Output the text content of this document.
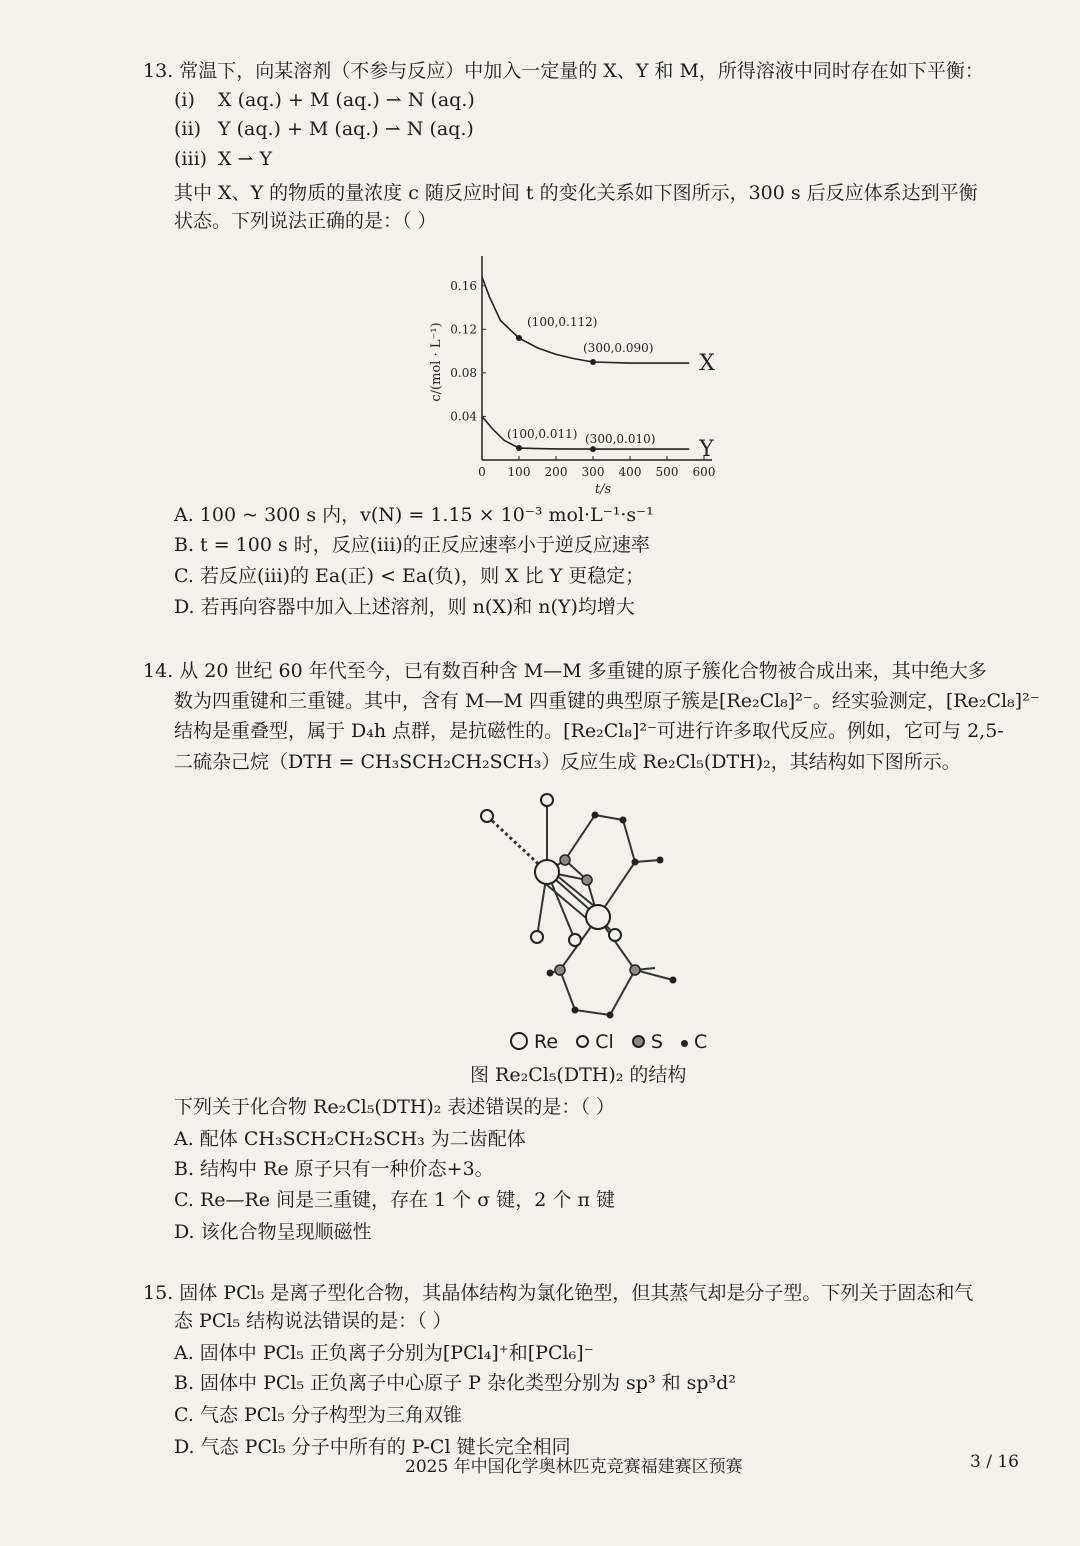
13. 常温下，向某溶剂（不参与反应）中加入一定量的 X、Y 和 M，所得溶液中同时存在如下平衡：
(i) X (aq.) + M (aq.) ⇀ N (aq.)
(ii) Y (aq.) + M (aq.) ⇀ N (aq.)
(iii) X ⇀ Y
其中 X、Y 的物质的量浓度 c 随反应时间 t 的变化关系如下图所示，300 s 后反应体系达到平衡
状态。下列说法正确的是：（ ）
0 100 200 300 400 500 600
0.04
0.08
0.12
0.16
t/s
c/(mol · L⁻¹)	X
Y
(100,0.112)
(300,0.090)
(100,0.011) (300,0.010)
A. 100 ~ 300 s 内，v(N) = 1.15 × 10⁻³ mol·L⁻¹·s⁻¹
B. t = 100 s 时，反应(iii)的正反应速率小于逆反应速率
C. 若反应(iii)的 Ea(正) < Ea(负)，则 X 比 Y 更稳定；
D. 若再向容器中加入上述溶剂，则 n(X)和 n(Y)均增大
14. 从 20 世纪 60 年代至今，已有数百种含 M—M 多重键的原子簇化合物被合成出来，其中绝大多
数为四重键和三重键。其中，含有 M—M 四重键的典型原子簇是[Re₂Cl₈]²⁻。经实验测定，[Re₂Cl₈]²⁻
结构是重叠型，属于 D₄h 点群，是抗磁性的。[Re₂Cl₈]²⁻可进行许多取代反应。例如，它可与 2,5-
二硫杂己烷（DTH = CH₃SCH₂CH₂SCH₃）反应生成 Re₂Cl₅(DTH)₂，其结构如下图所示。
Re Cl S C
图 Re₂Cl₅(DTH)₂ 的结构
下列关于化合物 Re₂Cl₅(DTH)₂ 表述错误的是：（ ）
A. 配体 CH₃SCH₂CH₂SCH₃ 为二齿配体
B. 结构中 Re 原子只有一种价态+3。
C. Re—Re 间是三重键，存在 1 个 σ 键，2 个 π 键
D. 该化合物呈现顺磁性
15. 固体 PCl₅ 是离子型化合物，其晶体结构为氯化铯型，但其蒸气却是分子型。下列关于固态和气
态 PCl₅ 结构说法错误的是：（ ）
A. 固体中 PCl₅ 正负离子分别为[PCl₄]⁺和[PCl₆]⁻
B. 固体中 PCl₅ 正负离子中心原子 P 杂化类型分别为 sp³ 和 sp³d²
C. 气态 PCl₅ 分子构型为三角双锥
D. 气态 PCl₅ 分子中所有的 P-Cl 键长完全相同
2025 年中国化学奥林匹克竞赛福建赛区预赛	3 / 16
